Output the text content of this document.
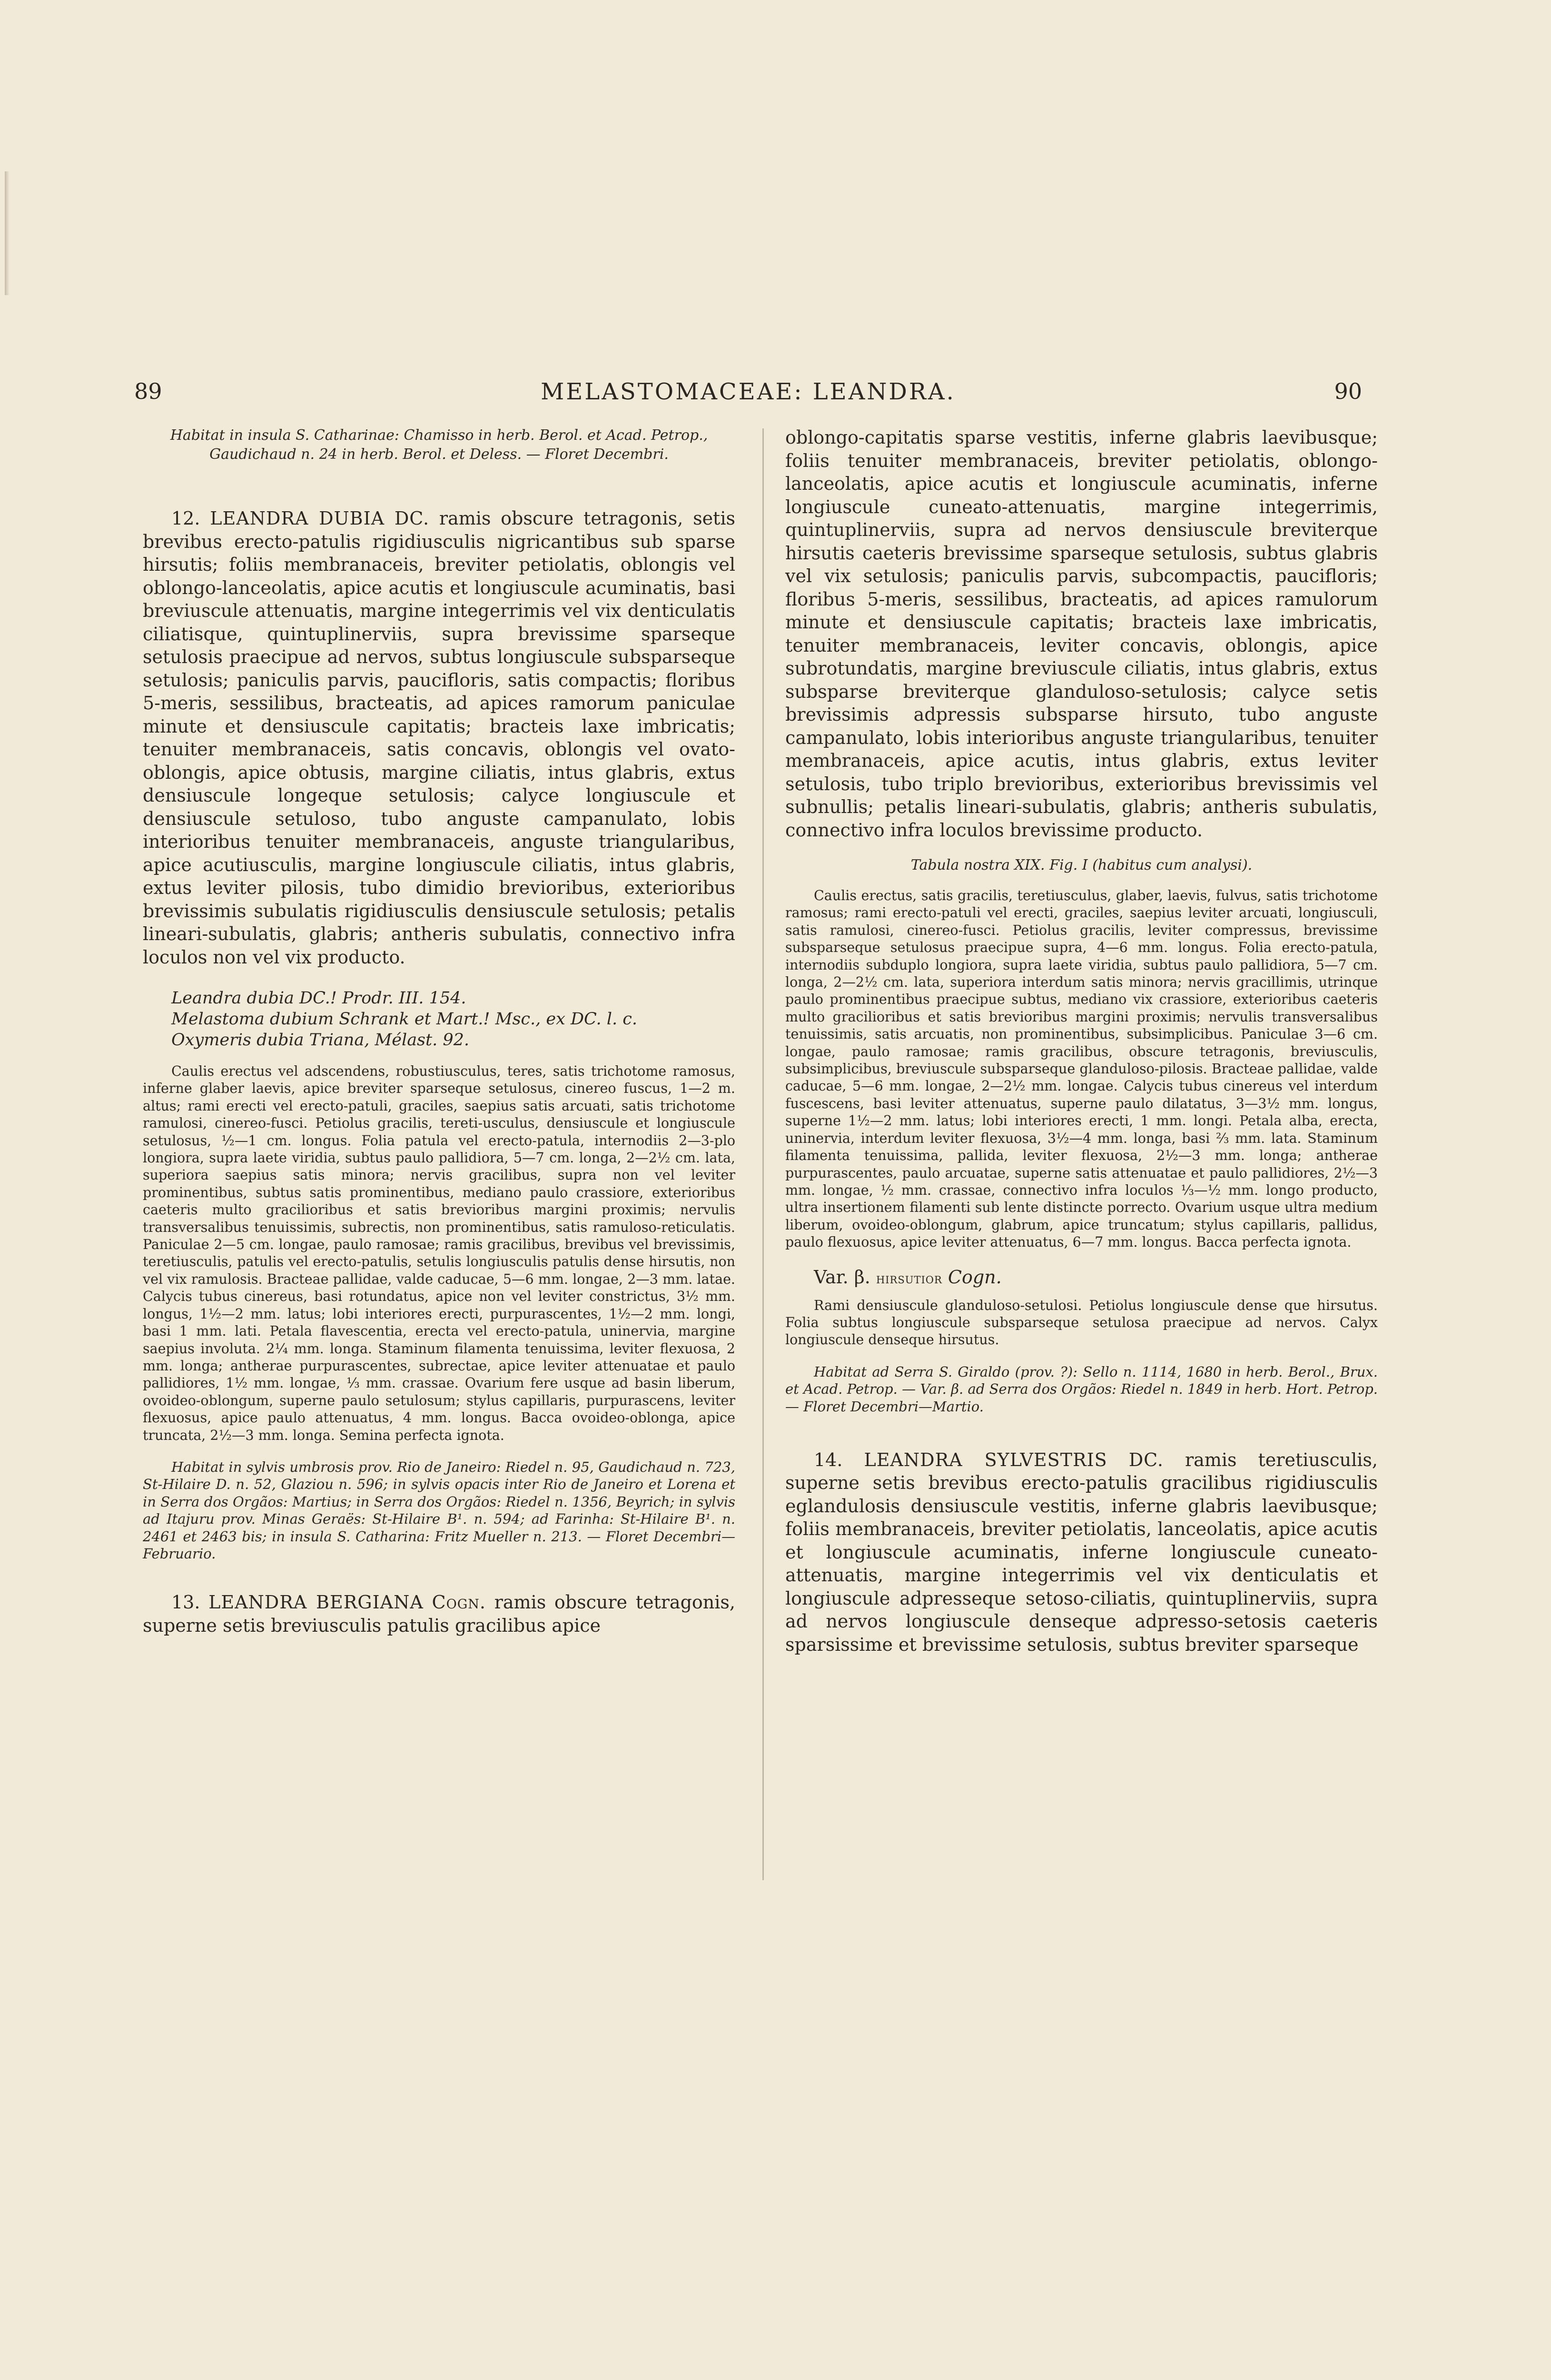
89	MELASTOMACEAE: LEANDRA.	90

Habitat in insula S. Catharinae: Chamisso in herb. Berol. et Acad. Petrop., Gaudichaud n. 24 in herb. Berol. et Deless. — Floret Decembri.

12. LEANDRA DUBIA DC. ramis obscure tetragonis, setis brevibus erecto-patulis rigidiusculis nigricantibus sub sparse hirsutis; foliis membranaceis, breviter petiolatis, oblongis vel oblongo-lanceolatis, apice acutis et longiuscule acuminatis, basi breviuscule attenuatis, margine integerrimis vel vix denticulatis ciliatisque, quintuplinerviis, supra brevissime sparseque setulosis praecipue ad nervos, subtus longiuscule subsparseque setulosis; paniculis parvis, paucifloris, satis compactis; floribus 5-meris, sessilibus, bracteatis, ad apices ramorum paniculae minute et densiuscule capitatis; bracteis laxe imbricatis; tenuiter membranaceis, satis concavis, oblongis vel ovato-oblongis, apice obtusis, margine ciliatis, intus glabris, extus densiuscule longeque setulosis; calyce longiuscule et densiuscule setuloso, tubo anguste campanulato, lobis interioribus tenuiter membranaceis, anguste triangularibus, apice acutiusculis, margine longiuscule ciliatis, intus glabris, extus leviter pilosis, tubo dimidio brevioribus, exterioribus brevissimis subulatis rigidiusculis densiuscule setulosis; petalis lineari-subulatis, glabris; antheris subulatis, connectivo infra loculos non vel vix producto.

Leandra dubia DC.! Prodr. III. 154.

Melastoma dubium Schrank et Mart.! Msc., ex DC. l. c.

Oxymeris dubia Triana, Mélast. 92.

Caulis erectus vel adscendens, robustiusculus, teres, satis trichotome ramosus, inferne glaber laevis, apice breviter sparseque setulosus, cinereo fuscus, 1—2 m. altus; rami erecti vel erecto-patuli, graciles, saepius satis arcuati, satis trichotome ramulosi, cinereo-fusci. Petiolus gracilis, tereti-usculus, densiuscule et longiuscule setulosus, ½—1 cm. longus. Folia patula vel erecto-patula, internodiis 2—3-plo longiora, supra laete viridia, subtus paulo pallidiora, 5—7 cm. longa, 2—2½ cm. lata, superiora saepius satis minora; nervis gracilibus, supra non vel leviter prominentibus, subtus satis prominentibus, mediano paulo crassiore, exterioribus caeteris multo gracilioribus et satis brevioribus margini proximis; nervulis transversalibus tenuissimis, subrectis, non prominentibus, satis ramuloso-reticulatis. Paniculae 2—5 cm. longae, paulo ramosae; ramis gracilibus, brevibus vel brevissimis, teretiusculis, patulis vel erecto-patulis, setulis longiusculis patulis dense hirsutis, non vel vix ramulosis. Bracteae pallidae, valde caducae, 5—6 mm. longae, 2—3 mm. latae. Calycis tubus cinereus, basi rotundatus, apice non vel leviter constrictus, 3½ mm. longus, 1½—2 mm. latus; lobi interiores erecti, purpurascentes, 1½—2 mm. longi, basi 1 mm. lati. Petala flavescentia, erecta vel erecto-patula, uninervia, margine saepius involuta. 2¼ mm. longa. Staminum filamenta tenuissima, leviter flexuosa, 2 mm. longa; antherae purpurascentes, subrectae, apice leviter attenuatae et paulo pallidiores, 1½ mm. longae, ⅓ mm. crassae. Ovarium fere usque ad basin liberum, ovoideo-oblongum, superne paulo setulosum; stylus capillaris, purpurascens, leviter flexuosus, apice paulo attenuatus, 4 mm. longus. Bacca ovoideo-oblonga, apice truncata, 2½—3 mm. longa. Semina perfecta ignota.

Habitat in sylvis umbrosis prov. Rio de Janeiro: Riedel n. 95, Gaudichaud n. 723, St-Hilaire D. n. 52, Glaziou n. 596; in sylvis opacis inter Rio de Janeiro et Lorena et in Serra dos Orgãos: Martius; in Serra dos Orgãos: Riedel n. 1356, Beyrich; in sylvis ad Itajuru prov. Minas Geraës: St-Hilaire B¹. n. 594; ad Farinha: St-Hilaire B¹. n. 2461 et 2463 bis; in insula S. Catharina: Fritz Mueller n. 213. — Floret Decembri—Februario.

13. LEANDRA BERGIANA Cogn. ramis obscure tetragonis, superne setis breviusculis patulis gracilibus apice

oblongo-capitatis sparse vestitis, inferne glabris laevibusque; foliis tenuiter membranaceis, breviter petiolatis, oblongo-lanceolatis, apice acutis et longiuscule acuminatis, inferne longiuscule cuneato-attenuatis, margine integerrimis, quintuplinerviis, supra ad nervos densiuscule breviterque hirsutis caeteris brevissime sparseque setulosis, subtus glabris vel vix setulosis; paniculis parvis, subcompactis, paucifloris; floribus 5-meris, sessilibus, bracteatis, ad apices ramulorum minute et densiuscule capitatis; bracteis laxe imbricatis, tenuiter membranaceis, leviter concavis, oblongis, apice subrotundatis, margine breviuscule ciliatis, intus glabris, extus subsparse breviterque glanduloso-setulosis; calyce setis brevissimis adpressis subsparse hirsuto, tubo anguste campanulato, lobis interioribus anguste triangularibus, tenuiter membranaceis, apice acutis, intus glabris, extus leviter setulosis, tubo triplo brevioribus, exterioribus brevissimis vel subnullis; petalis lineari-subulatis, glabris; antheris subulatis, connectivo infra loculos brevissime producto.

Tabula nostra XIX. Fig. I (habitus cum analysi).

Caulis erectus, satis gracilis, teretiusculus, glaber, laevis, fulvus, satis trichotome ramosus; rami erecto-patuli vel erecti, graciles, saepius leviter arcuati, longiusculi, satis ramulosi, cinereo-fusci. Petiolus gracilis, leviter compressus, brevissime subsparseque setulosus praecipue supra, 4—6 mm. longus. Folia erecto-patula, internodiis subduplo longiora, supra laete viridia, subtus paulo pallidiora, 5—7 cm. longa, 2—2½ cm. lata, superiora interdum satis minora; nervis gracillimis, utrinque paulo prominentibus praecipue subtus, mediano vix crassiore, exterioribus caeteris multo gracilioribus et satis brevioribus margini proximis; nervulis transversalibus tenuissimis, satis arcuatis, non prominentibus, subsimplicibus. Paniculae 3—6 cm. longae, paulo ramosae; ramis gracilibus, obscure tetragonis, breviusculis, subsimplicibus, breviuscule subsparseque glanduloso-pilosis. Bracteae pallidae, valde caducae, 5—6 mm. longae, 2—2½ mm. longae. Calycis tubus cinereus vel interdum fuscescens, basi leviter attenuatus, superne paulo dilatatus, 3—3½ mm. longus, superne 1½—2 mm. latus; lobi interiores erecti, 1 mm. longi. Petala alba, erecta, uninervia, interdum leviter flexuosa, 3½—4 mm. longa, basi ⅔ mm. lata. Staminum filamenta tenuissima, pallida, leviter flexuosa, 2½—3 mm. longa; antherae purpurascentes, paulo arcuatae, superne satis attenuatae et paulo pallidiores, 2½—3 mm. longae, ½ mm. crassae, connectivo infra loculos ⅓—½ mm. longo producto, ultra insertionem filamenti sub lente distincte porrecto. Ovarium usque ultra medium liberum, ovoideo-oblongum, glabrum, apice truncatum; stylus capillaris, pallidus, paulo flexuosus, apice leviter attenuatus, 6—7 mm. longus. Bacca perfecta ignota.

Var. β. hirsutior Cogn.

Rami densiuscule glanduloso-setulosi. Petiolus longiuscule dense que hirsutus. Folia subtus longiuscule subsparseque setulosa praecipue ad nervos. Calyx longiuscule denseque hirsutus.

Habitat ad Serra S. Giraldo (prov. ?): Sello n. 1114, 1680 in herb. Berol., Brux. et Acad. Petrop. — Var. β. ad Serra dos Orgãos: Riedel n. 1849 in herb. Hort. Petrop. — Floret Decembri—Martio.

14. LEANDRA SYLVESTRIS DC. ramis teretiusculis, superne setis brevibus erecto-patulis gracilibus rigidiusculis eglandulosis densiuscule vestitis, inferne glabris laevibusque; foliis membranaceis, breviter petiolatis, lanceolatis, apice acutis et longiuscule acuminatis, inferne longiuscule cuneato-attenuatis, margine integerrimis vel vix denticulatis et longiuscule adpresseque setoso-ciliatis, quintuplinerviis, supra ad nervos longiuscule denseque adpresso-setosis caeteris sparsissime et brevissime setulosis, subtus breviter sparseque
